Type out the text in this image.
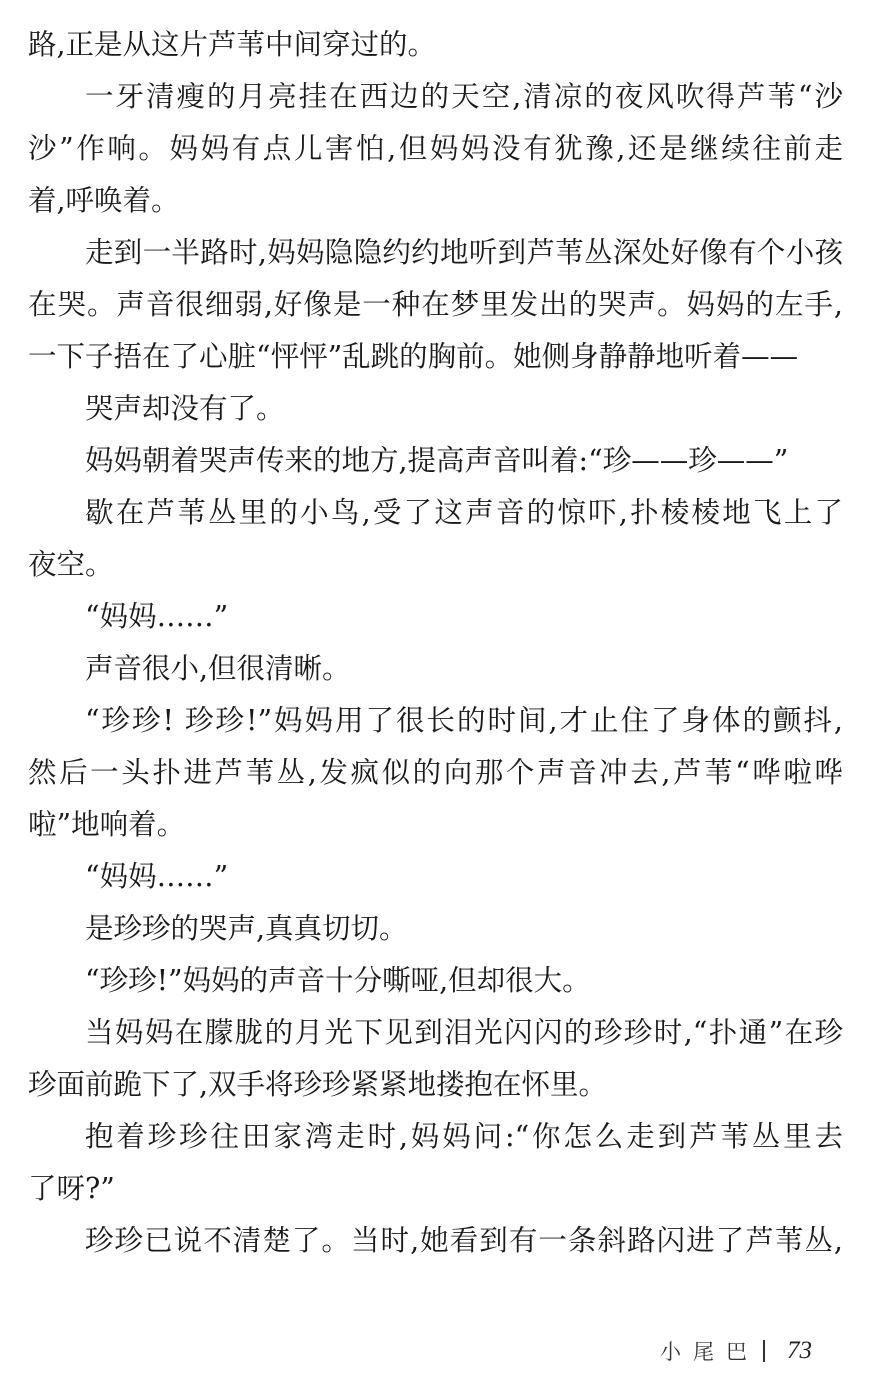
路,正是从这片芦苇中间穿过的。
一牙清瘦的月亮挂在西边的天空,清凉的夜风吹得芦苇“沙
沙”作响。妈妈有点儿害怕,但妈妈没有犹豫,还是继续往前走
着,呼唤着。
走到一半路时,妈妈隐隐约约地听到芦苇丛深处好像有个小孩
在哭。声音很细弱,好像是一种在梦里发出的哭声。妈妈的左手,
一下子捂在了心脏“怦怦”乱跳的胸前。她侧身静静地听着——
哭声却没有了。
妈妈朝着哭声传来的地方,提高声音叫着:“珍——珍——”
歇在芦苇丛里的小鸟,受了这声音的惊吓,扑棱棱地飞上了
夜空。
“妈妈……”
声音很小,但很清晰。
“珍珍! 珍珍!”妈妈用了很长的时间,才止住了身体的颤抖,
然后一头扑进芦苇丛,发疯似的向那个声音冲去,芦苇“哗啦哗
啦”地响着。
“妈妈……”
是珍珍的哭声,真真切切。
“珍珍!”妈妈的声音十分嘶哑,但却很大。
当妈妈在朦胧的月光下见到泪光闪闪的珍珍时,“扑通”在珍
珍面前跪下了,双手将珍珍紧紧地搂抱在怀里。
抱着珍珍往田家湾走时,妈妈问:“你怎么走到芦苇丛里去
了呀?”
珍珍已说不清楚了。当时,她看到有一条斜路闪进了芦苇丛,
小尾巴 73
